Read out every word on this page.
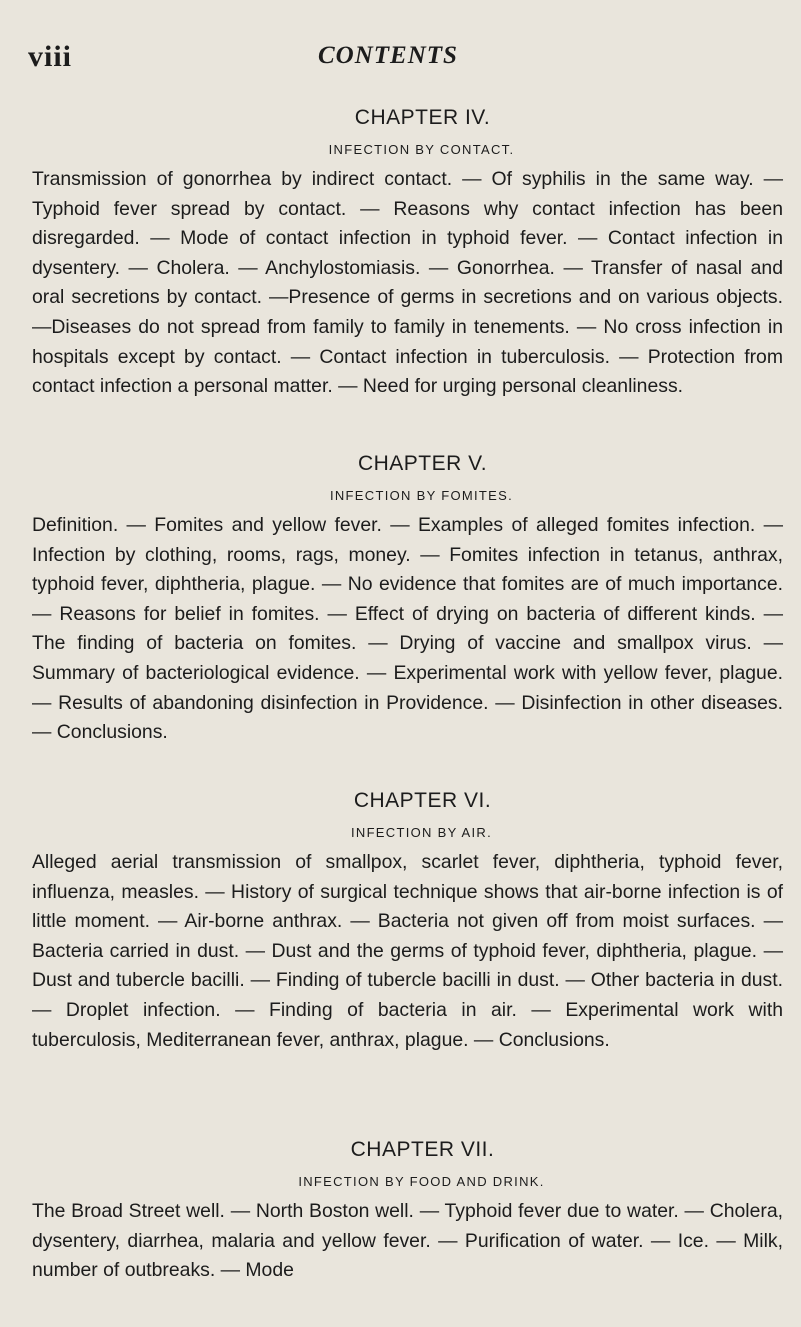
viii	CONTENTS
CHAPTER IV.
INFECTION BY CONTACT.

Transmission of gonorrhea by indirect contact. — Of syphilis in the same way. — Typhoid fever spread by contact. — Reasons why contact infection has been disregarded. — Mode of contact infection in typhoid fever. — Contact infection in dysentery. — Cholera. — Anchylostomiasis. — Gonorrhea. — Transfer of nasal and oral secretions by contact. —Presence of germs in secretions and on various objects.—Diseases do not spread from family to family in tenements. — No cross infection in hospitals except by contact. — Contact infection in tuberculosis. — Protection from contact infection a personal matter. — Need for urging personal cleanliness.

CHAPTER V.
INFECTION BY FOMITES.

Definition. — Fomites and yellow fever. — Examples of alleged fomites infection. — Infection by clothing, rooms, rags, money. — Fomites infection in tetanus, anthrax, typhoid fever, diphtheria, plague. — No evidence that fomites are of much importance. — Reasons for belief in fomites. — Effect of drying on bacteria of different kinds. — The finding of bacteria on fomites. — Drying of vaccine and smallpox virus. — Summary of bacteriological evidence. — Experimental work with yellow fever, plague. — Results of abandoning disinfection in Providence. — Disinfection in other diseases. — Conclusions.

CHAPTER VI.
INFECTION BY AIR.

Alleged aerial transmission of smallpox, scarlet fever, diphtheria, typhoid fever, influenza, measles. — History of surgical technique shows that air-borne infection is of little moment. — Air-borne anthrax. — Bacteria not given off from moist surfaces. — Bacteria carried in dust. — Dust and the germs of typhoid fever, diphtheria, plague. — Dust and tubercle bacilli. — Finding of tubercle bacilli in dust. — Other bacteria in dust. — Droplet infection. — Finding of bacteria in air. — Experimental work with tuberculosis, Mediterranean fever, anthrax, plague. — Conclusions.

CHAPTER VII.
INFECTION BY FOOD AND DRINK.

The Broad Street well. — North Boston well. — Typhoid fever due to water. — Cholera, dysentery, diarrhea, malaria and yellow fever. — Purification of water. — Ice. — Milk, number of outbreaks. — Mode
